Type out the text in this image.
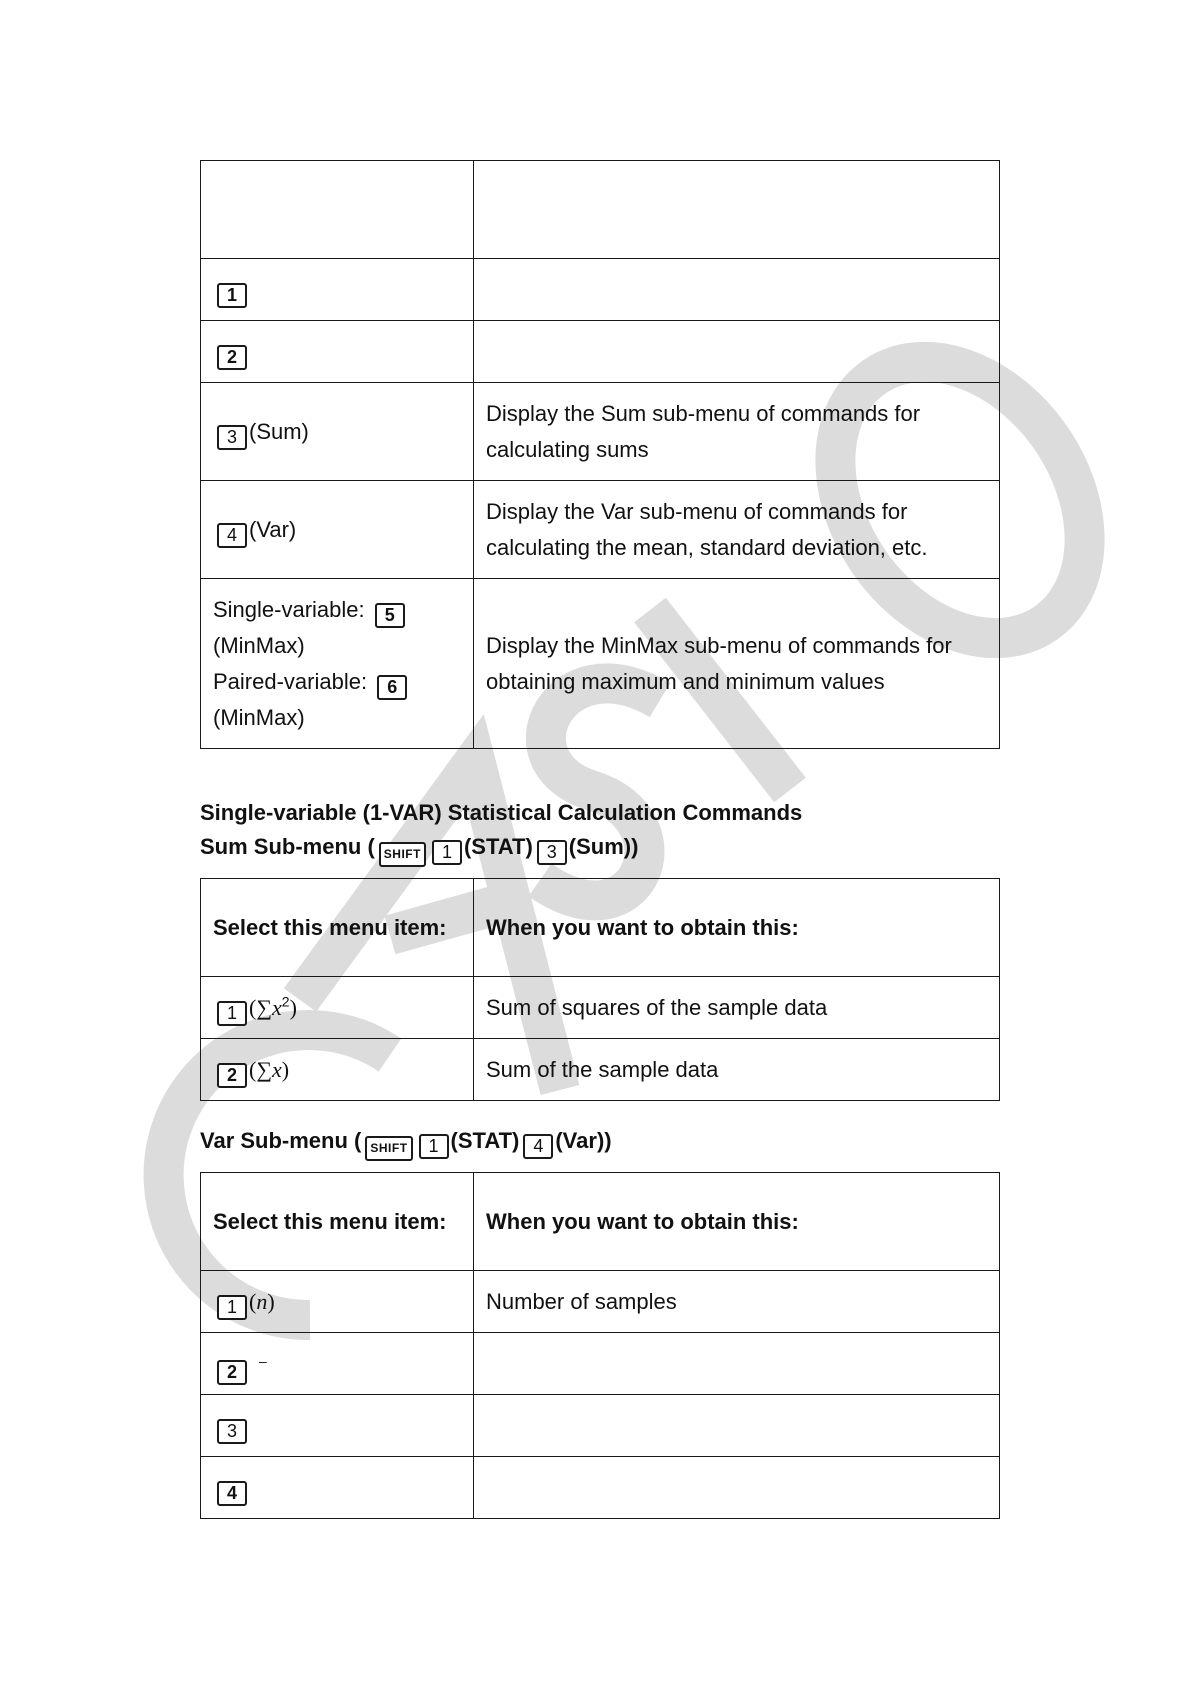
1	
2	
3 (Sum)	Display the Sum sub-menu of commands for calculating sums
4 (Var)	Display the Var sub-menu of commands for calculating the mean, standard deviation, etc.

Single-variable: 5
(MinMax)
Paired-variable: 6
(MinMax)	Display the MinMax sub-menu of commands for obtaining maximum and minimum values
Single-variable (1-VAR) Statistical Calculation Commands
Sum Sub-menu ( SHIFT 1 (STAT) 3 (Sum))
Select this menu item:	When you want to obtain this:
1 $(\sum x^2)$	Sum of squares of the sample data
2 (∑x)	Sum of the sample data
Var Sub-menu ( SHIFT 1 (STAT) 4 (Var))
Select this menu item:	When you want to obtain this:
1 (n)	Number of samples
2–	
3	
4	
